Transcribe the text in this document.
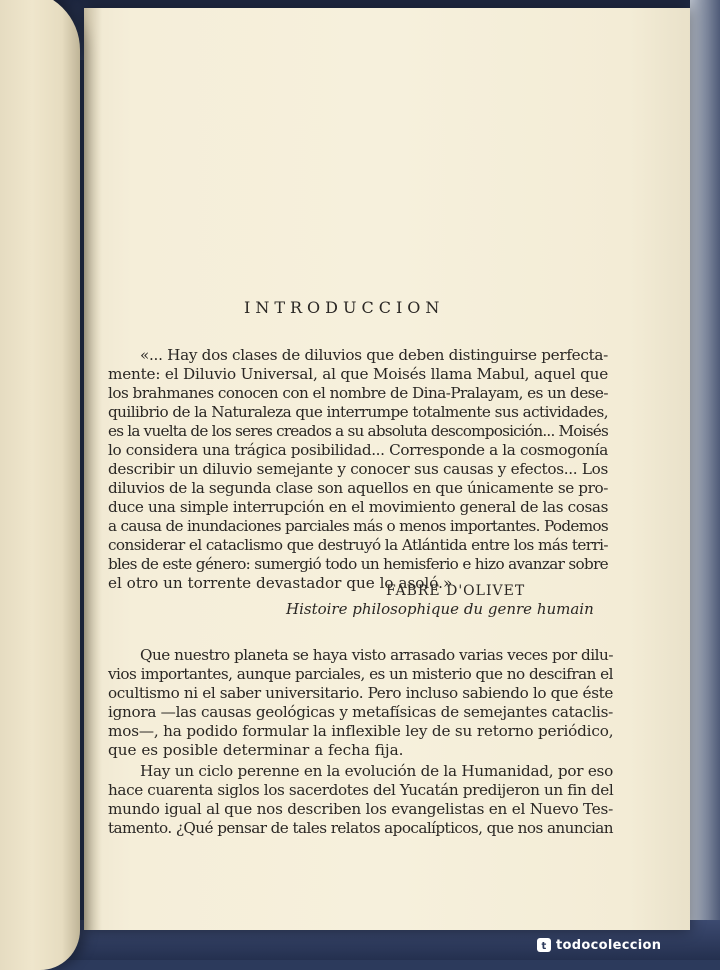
INTRODUCCION
«... Hay dos clases de diluvios que deben distinguirse perfecta-
mente: el Diluvio Universal, al que Moisés llama Mabul, aquel que
los brahmanes conocen con el nombre de Dina-Pralayam, es un dese-
quilibrio de la Naturaleza que interrumpe totalmente sus actividades,
es la vuelta de los seres creados a su absoluta descomposición... Moisés
lo considera una trágica posibilidad... Corresponde a la cosmogonía
describir un diluvio semejante y conocer sus causas y efectos... Los
diluvios de la segunda clase son aquellos en que únicamente se pro-
duce una simple interrupción en el movimiento general de las cosas
a causa de inundaciones parciales más o menos importantes. Podemos
considerar el cataclismo que destruyó la Atlántida entre los más terri-
bles de este género: sumergió todo un hemisferio e hizo avanzar sobre
el otro un torrente devastador que lo asoló.»
FABRE D'OLIVET
Histoire philosophique du genre humain
Que nuestro planeta se haya visto arrasado varias veces por dilu-
vios importantes, aunque parciales, es un misterio que no descifran el
ocultismo ni el saber universitario. Pero incluso sabiendo lo que éste
ignora —las causas geológicas y metafísicas de semejantes cataclis-
mos—, ha podido formular la inflexible ley de su retorno periódico,
que es posible determinar a fecha fija.
Hay un ciclo perenne en la evolución de la Humanidad, por eso
hace cuarenta siglos los sacerdotes del Yucatán predijeron un fin del
mundo igual al que nos describen los evangelistas en el Nuevo Tes-
tamento. ¿Qué pensar de tales relatos apocalípticos, que nos anuncian
t todocoleccion
